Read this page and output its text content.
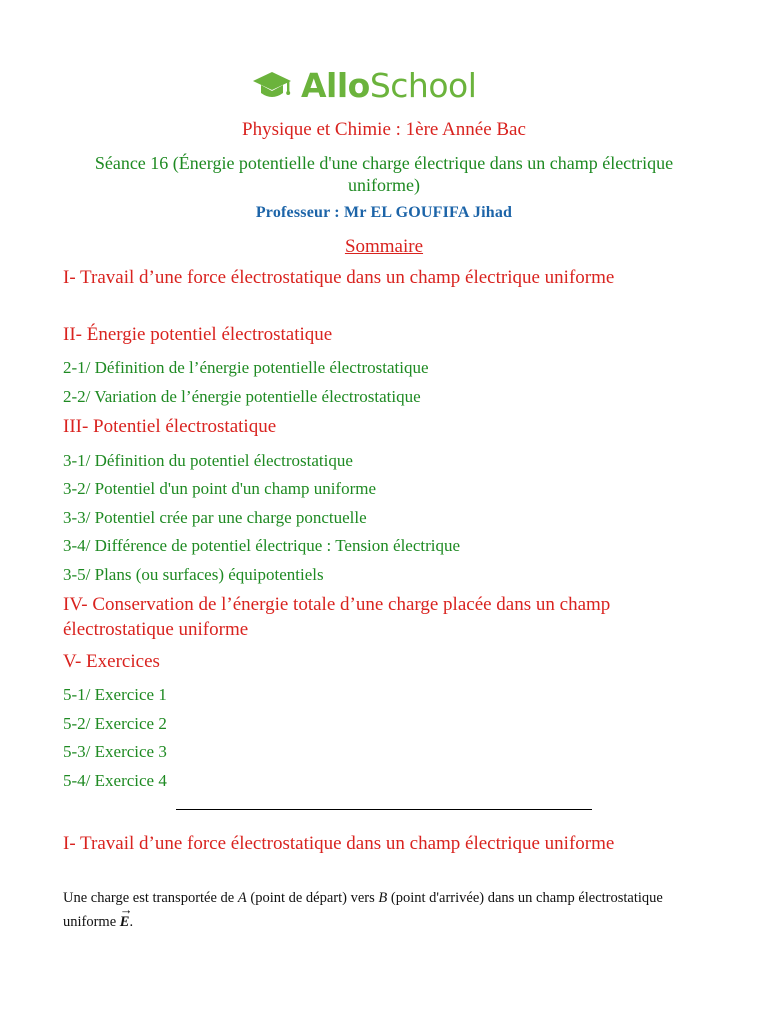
AlloSchool
Physique et Chimie : 1ère Année Bac
Séance 16 (Énergie potentielle d'une charge électrique dans un champ électrique uniforme)
Professeur : Mr EL GOUFIFA Jihad
Sommaire
I- Travail d’une force électrostatique dans un champ électrique uniforme
II- Énergie potentiel électrostatique
2-1/ Définition de l’énergie potentielle électrostatique
2-2/ Variation de l’énergie potentielle électrostatique
III- Potentiel électrostatique
3-1/ Définition du potentiel électrostatique
3-2/ Potentiel d'un point d'un champ uniforme
3-3/ Potentiel crée par une charge ponctuelle
3-4/ Différence de potentiel électrique : Tension électrique
3-5/ Plans (ou surfaces) équipotentiels
IV- Conservation de l’énergie totale d’une charge placée dans un champ électrostatique uniforme
V- Exercices
5-1/ Exercice 1
5-2/ Exercice 2
5-3/ Exercice 3
5-4/ Exercice 4
I- Travail d’une force électrostatique dans un champ électrique uniforme
Une charge est transportée de A (point de départ) vers B (point d'arrivée) dans un champ électrostatique uniforme → E.
